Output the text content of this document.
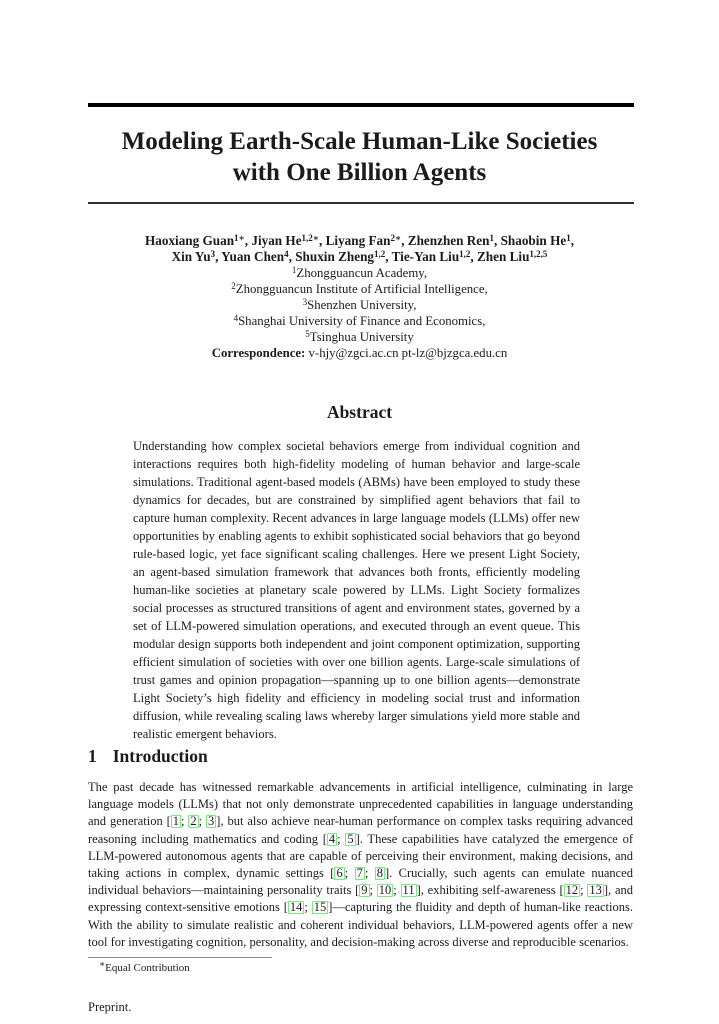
Modeling Earth-Scale Human-Like Societies
with One Billion Agents
Haoxiang Guan$^{1∗}$, Jiyan $He^{1,2∗}$, Liyang Fan$^{2∗}$, Zhenzhen Ren$^1$, Shaobin He$^1$,
Xin Yu$^3$, Yuan Chen$^4$, Shuxin Zheng$^{1,2}$, Tie-Yan Liu$^{1,2}$, Zhen Liu$^{1,2,5}$
$^1$Zhongguancun Academy,
$^2$Zhongguancun Institute of Artificial Intelligence,
$^3$Shenzhen University,
$^4$Shanghai University of Finance and Economics,
$^5$Tsinghua University
Correspondence: v-hjy@zgci.ac.cn pt-lz@bjzgca.edu.cn
Abstract

Understanding how complex societal behaviors emerge from individual cognition and interactions requires both high-fidelity modeling of human behavior and large-scale simulations. Traditional agent-based models (ABMs) have been employed to study these dynamics for decades, but are constrained by simplified agent behaviors that fail to capture human complexity. Recent advances in large language models (LLMs) offer new opportunities by enabling agents to exhibit sophisticated social behaviors that go beyond rule-based logic, yet face significant scaling challenges. Here we present Light Society, an agent-based simulation framework that advances both fronts, efficiently modeling human-like societies at planetary scale powered by LLMs. Light Society formalizes social processes as structured transitions of agent and environment states, governed by a set of LLM-powered simulation operations, and executed through an event queue. This modular design supports both independent and joint component optimization, supporting efficient simulation of societies with over one billion agents. Large-scale simulations of trust games and opinion propagation—spanning up to one billion agents—demonstrate Light Society’s high fidelity and efficiency in modeling social trust and information diffusion, while revealing scaling laws whereby larger simulations yield more stable and realistic emergent behaviors.

1 Introduction

The past decade has witnessed remarkable advancements in artificial intelligence, culminating in large language models (LLMs) that not only demonstrate unprecedented capabilities in language understanding and generation [ 1 ; 2 ; 3 ], but also achieve near-human performance on complex tasks requiring advanced reasoning including mathematics and coding [ 4 ; 5 ]. These capabilities have catalyzed the emergence of LLM-powered autonomous agents that are capable of perceiving their environment, making decisions, and taking actions in complex, dynamic settings [ 6 ; 7 ; 8 ]. Crucially, such agents can emulate nuanced individual behaviors—maintaining personality traits [ 9 ; 10 ; 11 ], exhibiting self-awareness [ 12 ; 13 ], and expressing context-sensitive emotions [ 14 ; 15 ]—capturing the fluidity and depth of human-like reactions. With the ability to simulate realistic and coherent individual behaviors, LLM-powered agents offer a new tool for investigating cognition, personality, and decision-making across diverse and reproducible scenarios.

∗Equal Contribution
Preprint.
